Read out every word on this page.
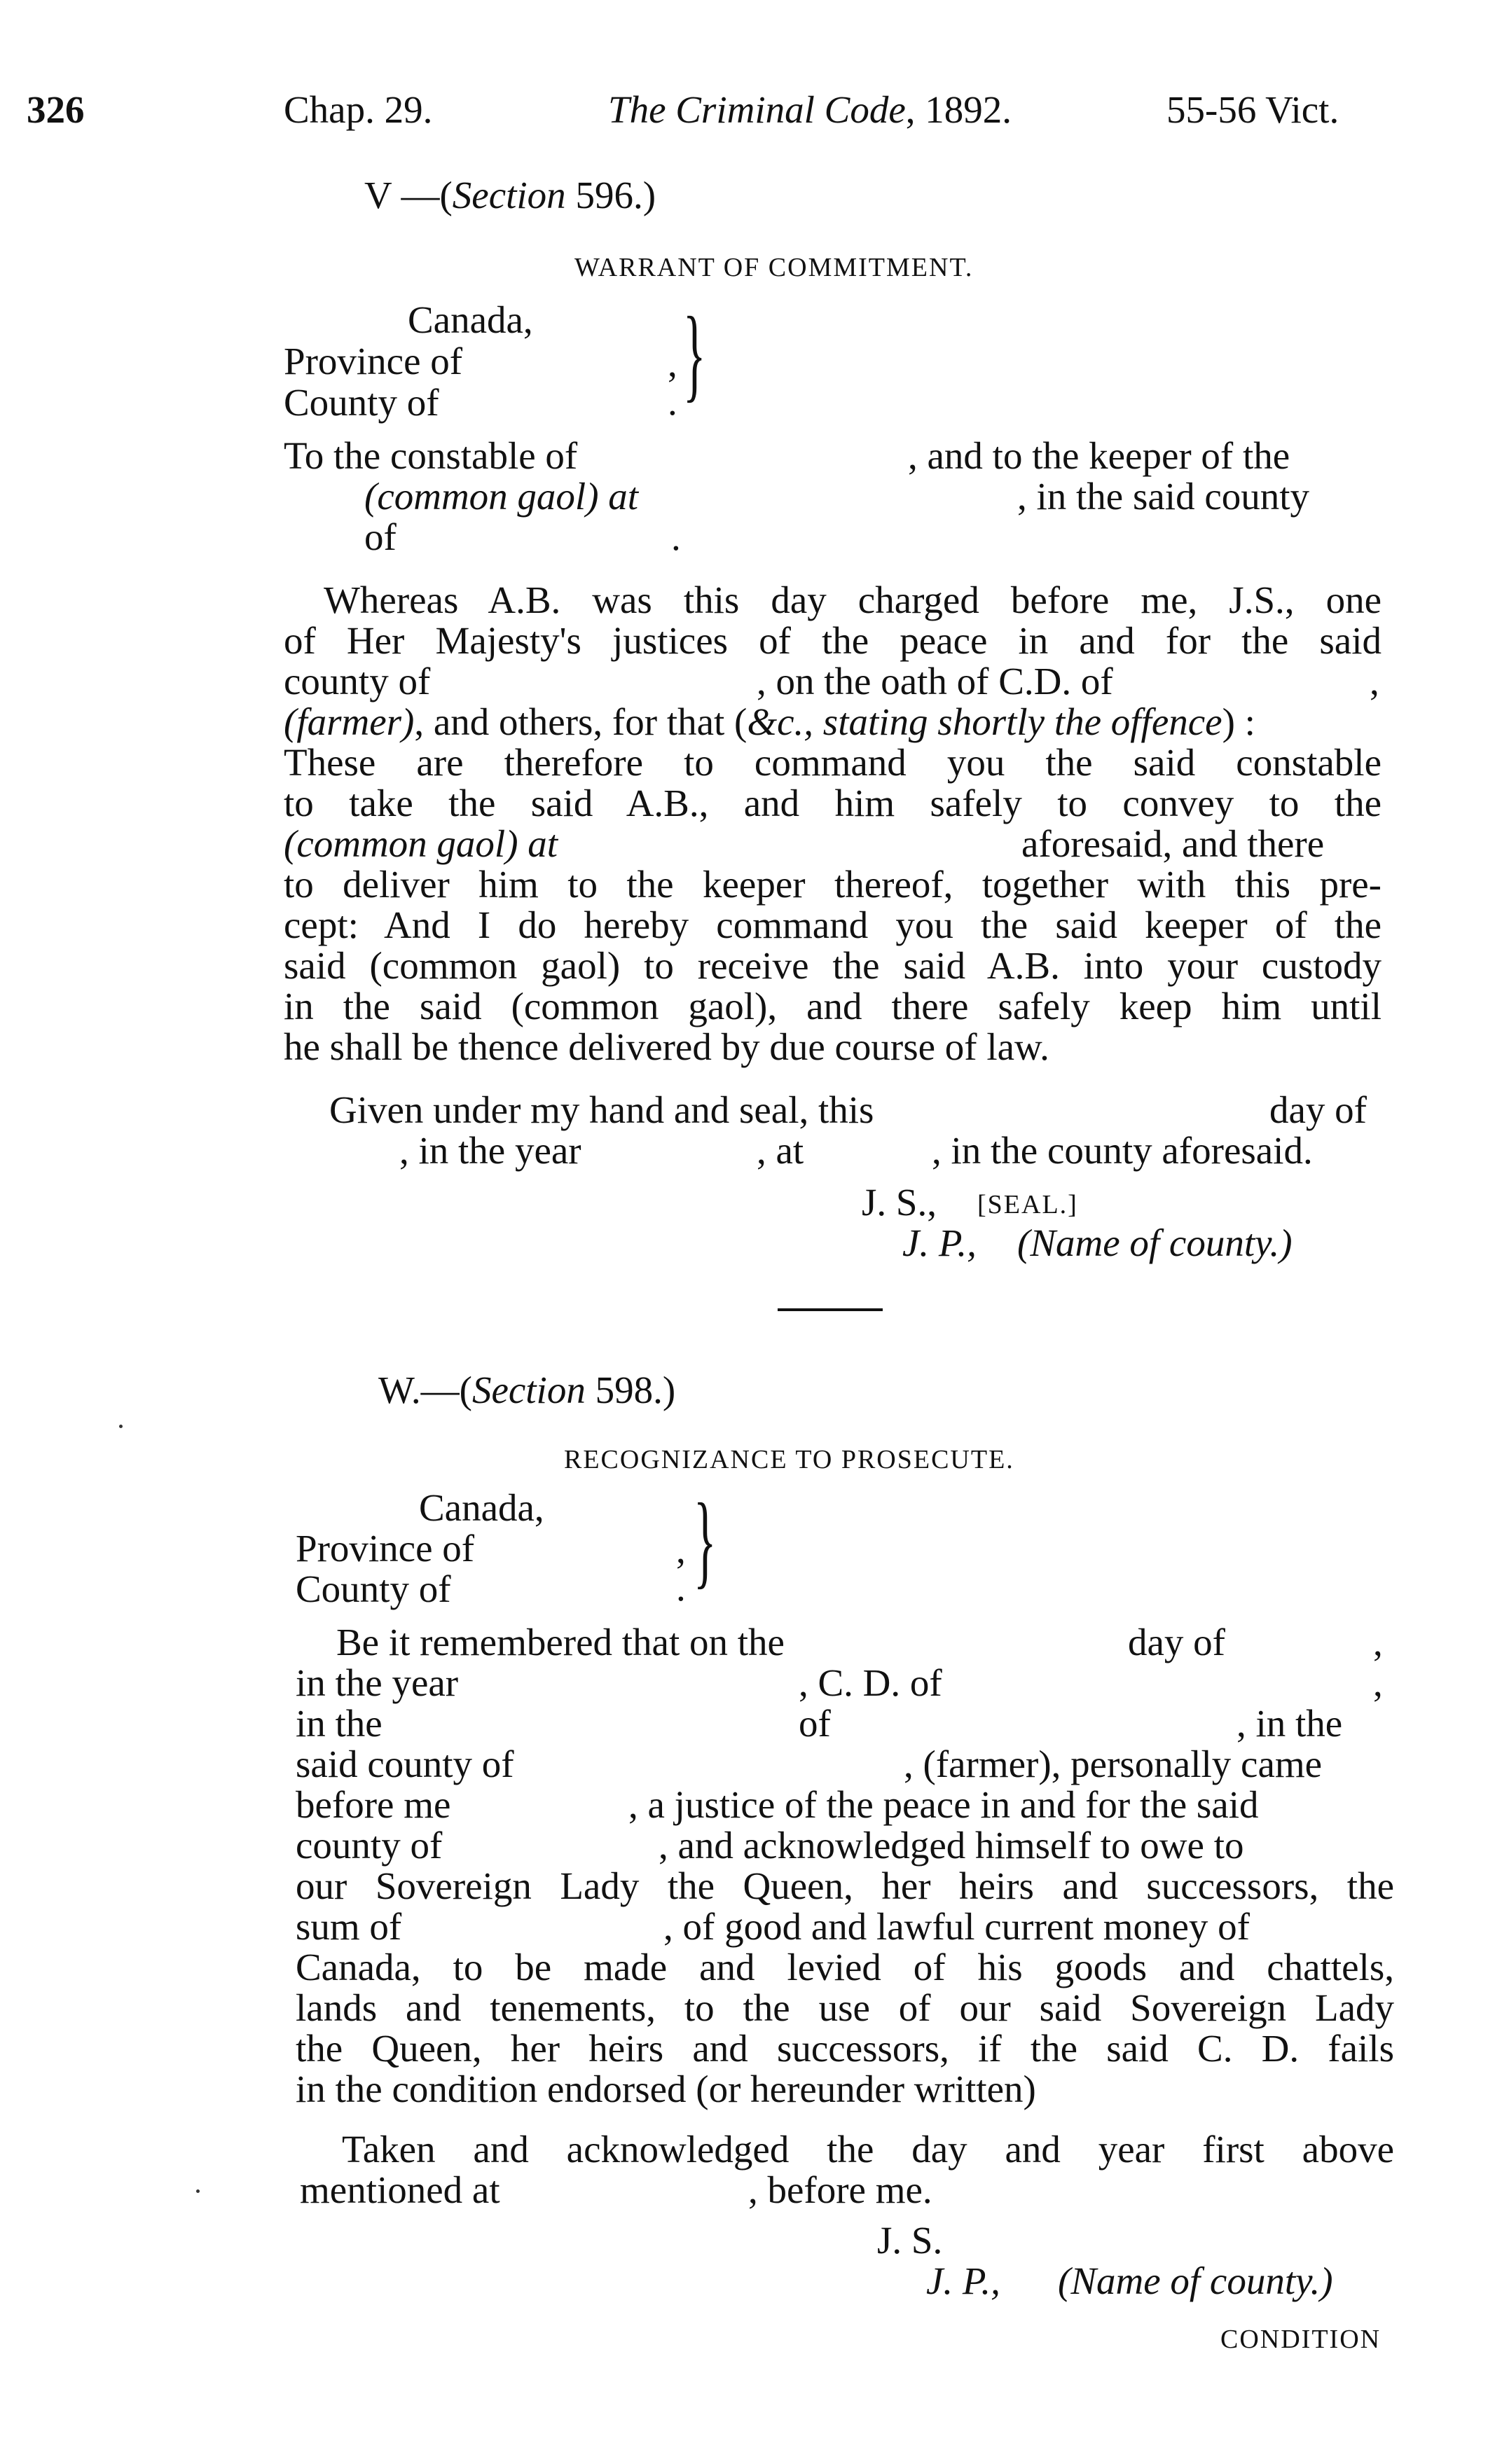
326	Chap. 29.	The Criminal Code, 1892.	55-56 Vict.
V —(Section 596.)
WARRANT OF COMMITMENT.
Canada,
Province of
County of
,
. }
To the constable of	, and to the keeper of the
(common gaol) at	, in the said county
of	.
Whereas A.B. was this day charged before me, J.S., one
of Her Majesty's justices of the peace in and for the said
county of	, on the oath of C.D. of	,
(farmer), and others, for that (&c., stating shortly the offence) :
These are therefore to command you the said constable
to take the said A.B., and him safely to convey to the
(common gaol) at	aforesaid, and there
to deliver him to the keeper thereof, together with this pre-
cept: And I do hereby command you the said keeper of the
said (common gaol) to receive the said A.B. into your custody
in the said (common gaol), and there safely keep him until
he shall be thence delivered by due course of law.
Given under my hand and seal, this	day of
, in the year	, at	, in the county aforesaid.
J. S., [SEAL.]
J. P., (Name of county.)
W.—(Section 598.)
RECOGNIZANCE TO PROSECUTE.
Canada,
Province of
County of
,
. }
Be it remembered that on the	day of	,
in the year	, C. D. of	,
in the	of	, in the
said county of	, (farmer), personally came
before me	, a justice of the peace in and for the said
county of	, and acknowledged himself to owe to
our Sovereign Lady the Queen, her heirs and successors, the
sum of	, of good and lawful current money of
Canada, to be made and levied of his goods and chattels,
lands and tenements, to the use of our said Sovereign Lady
the Queen, her heirs and successors, if the said C. D. fails
in the condition endorsed (or hereunder written)
Taken and acknowledged the day and year first above
mentioned at	, before me.
J. S.
J. P., (Name of county.)
CONDITION
